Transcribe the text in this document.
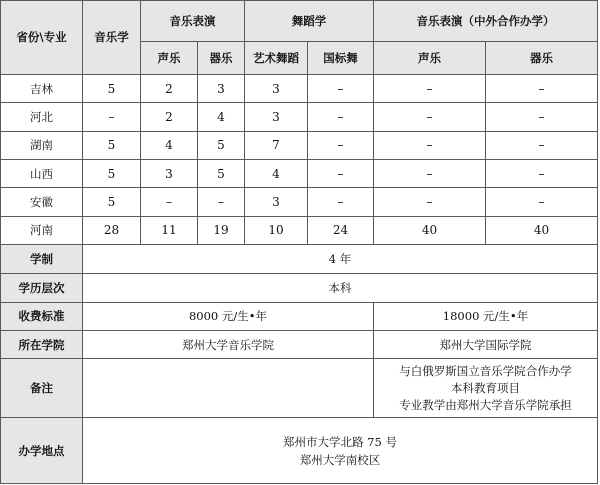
省份\专业	音乐学	音乐表演		舞蹈学		音乐表演（中外合作办学）	
		声乐	器乐	艺术舞蹈	国标舞	声乐	器乐
吉林	5	2	3	3	–	–	–
河北	–	2	4	3	–	–	–
湖南	5	4	5	7	–	–	–
山西	5	3	5	4	–	–	–
安徽	5	–	–	3	–	–	–
河南	28	11	19	10	24	40	40
学制	4 年						
学历层次	本科						
收费标准	8000 元/生•年					18000 元/生•年	
所在学院	郑州大学音乐学院					郑州大学国际学院	
备注						与白俄罗斯国立音乐学院合作办学
本科教育项目
专业教学由郑州大学音乐学院承担	

办学地点	郑州市大学北路 75 号
郑州大学南校区						
